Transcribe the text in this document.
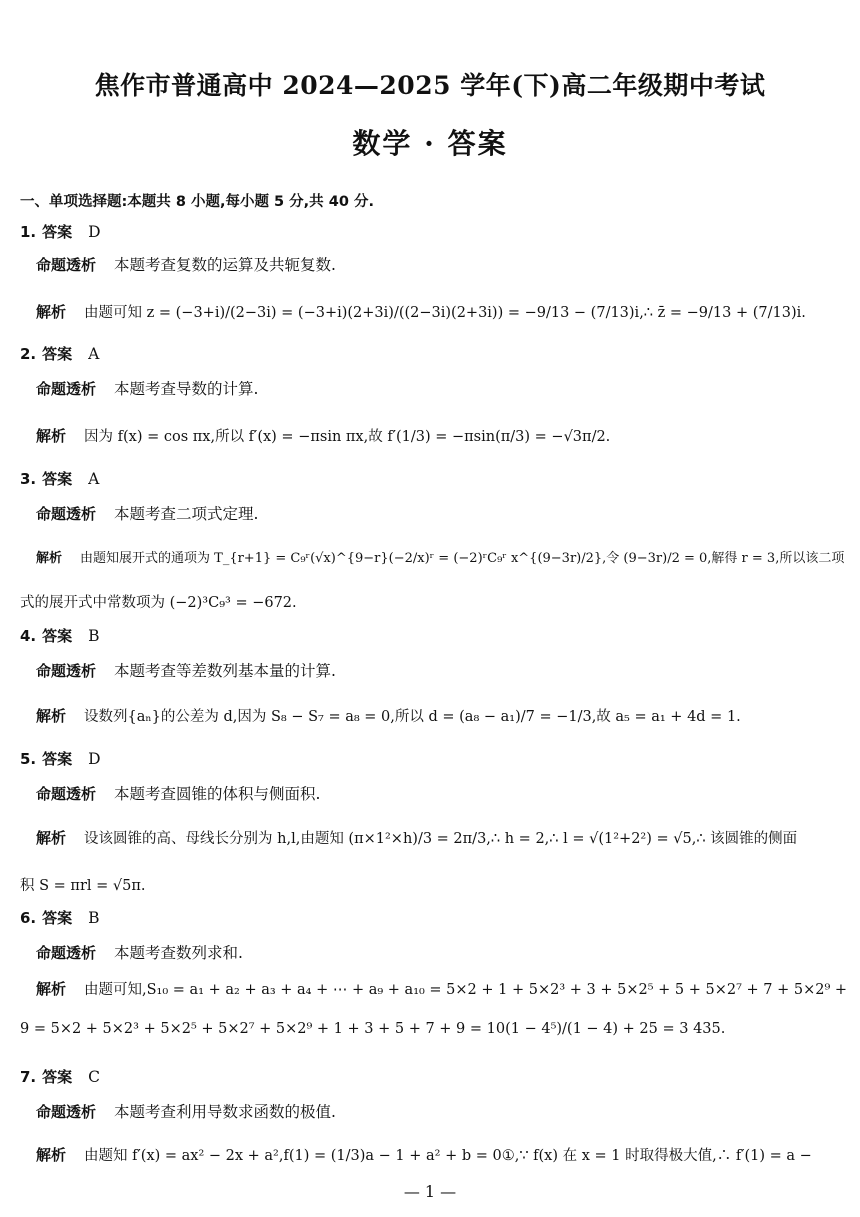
焦作市普通高中 2024—2025 学年(下)高二年级期中考试
数学 · 答案
一、单项选择题:本题共 8 小题,每小题 5 分,共 40 分.
1. 答案 D
命题透析 本题考查复数的运算及共轭复数.
解析 由题可知 z = (−3+i)/(2−3i) = (−3+i)(2+3i)/((2−3i)(2+3i)) = −9/13 − (7/13)i,∴ z̄ = −9/13 + (7/13)i.
2. 答案 A
命题透析 本题考查导数的计算.
解析 因为 f(x) = cos πx,所以 f′(x) = −πsin πx,故 f′(1/3) = −πsin(π/3) = −√3π/2.
3. 答案 A
命题透析 本题考查二项式定理.
解析 由题知展开式的通项为 T_{r+1} = C₉ʳ(√x)^{9−r}(−2/x)ʳ = (−2)ʳC₉ʳ x^{(9−3r)/2},令 (9−3r)/2 = 0,解得 r = 3,所以该二项
式的展开式中常数项为 (−2)³C₉³ = −672.
4. 答案 B
命题透析 本题考查等差数列基本量的计算.
解析 设数列{aₙ}的公差为 d,因为 S₈ − S₇ = a₈ = 0,所以 d = (a₈ − a₁)/7 = −1/3,故 a₅ = a₁ + 4d = 1.
5. 答案 D
命题透析 本题考查圆锥的体积与侧面积.
解析 设该圆锥的高、母线长分别为 h,l,由题知 (π×1²×h)/3 = 2π/3,∴ h = 2,∴ l = √(1²+2²) = √5,∴ 该圆锥的侧面
积 S = πrl = √5π.
6. 答案 B
命题透析 本题考查数列求和.
解析 由题可知,S₁₀ = a₁ + a₂ + a₃ + a₄ + ⋯ + a₉ + a₁₀ = 5×2 + 1 + 5×2³ + 3 + 5×2⁵ + 5 + 5×2⁷ + 7 + 5×2⁹ +
9 = 5×2 + 5×2³ + 5×2⁵ + 5×2⁷ + 5×2⁹ + 1 + 3 + 5 + 7 + 9 = 10(1 − 4⁵)/(1 − 4) + 25 = 3 435.
7. 答案 C
命题透析 本题考查利用导数求函数的极值.
解析 由题知 f′(x) = ax² − 2x + a²,f(1) = (1/3)a − 1 + a² + b = 0①,∵ f(x) 在 x = 1 时取得极大值,∴ f′(1) = a −
— 1 —
